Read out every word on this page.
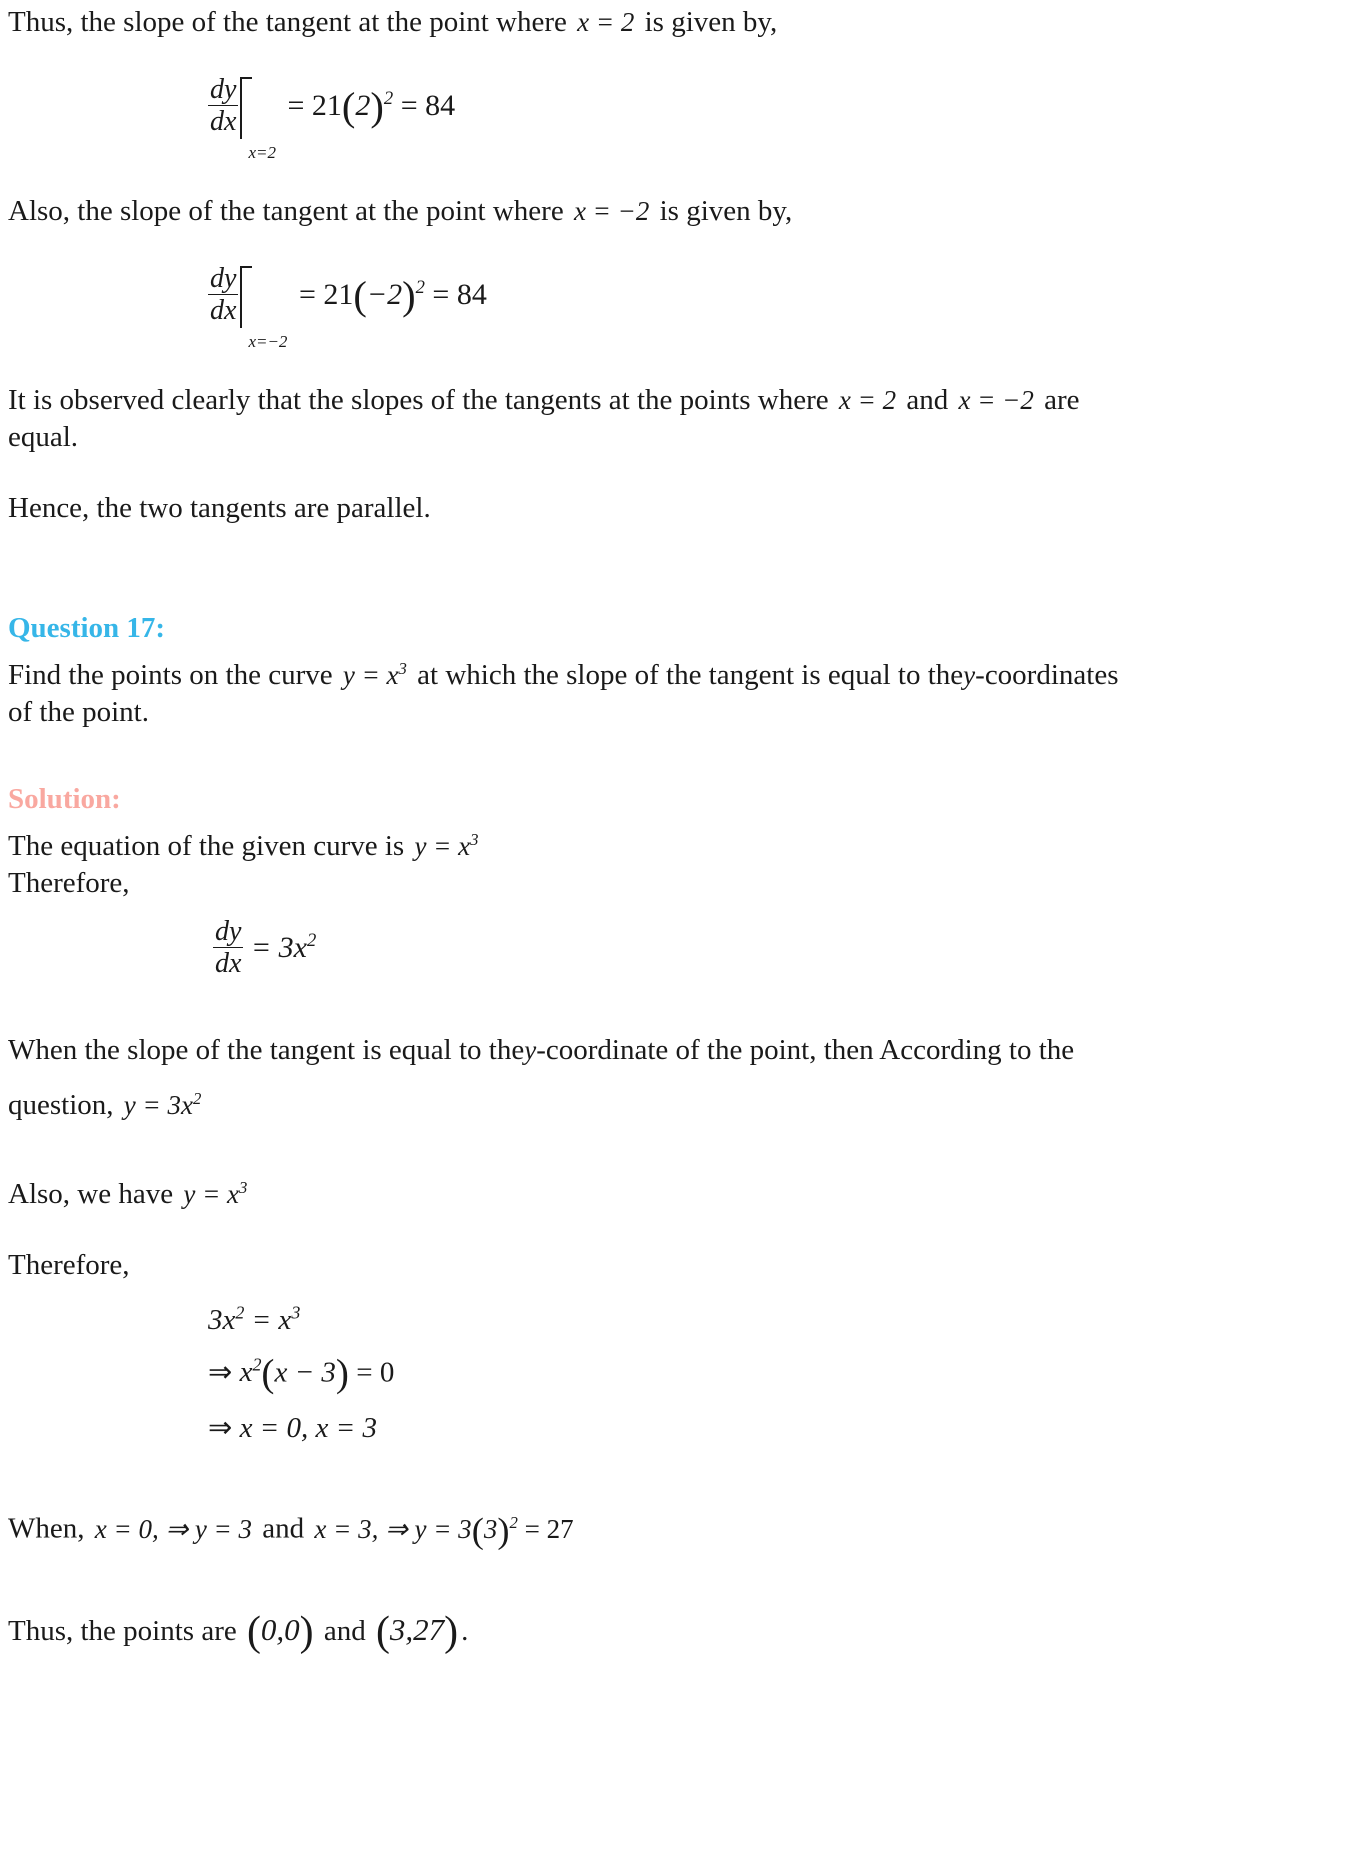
Thus, the slope of the tangent at the point where x = 2 is given by,

$\frac{dy}{dx}$
$x=2 = 21(2)^2 = 84$

Also, the slope of the tangent at the point where x = −2 is given by,

$\frac{dy}{dx}$
$x=-2 = 21(-2)^2 = 84$

It is observed clearly that the slopes of the tangents at the points where x = 2 and x = −2 are

equal.

Hence, the two tangents are parallel.

Question 17:

Find the points on the curve $y = x^3$ at which the slope of the tangent is equal to they-coordinates

of the point.

Solution:

The equation of the given curve is $y = x^3$

Therefore,

$\frac{dy}{dx} = 3x^2$

When the slope of the tangent is equal to they-coordinate of the point, then According to the

question, $y = 3x^2$

Also, we have $y = x^3$

Therefore,

$3x^2 = x^3$
⇒ $x^2(x - 3) = 0$
⇒ x = 0, x = 3

When, x = 0, ⇒ y = 3 and x = 3, ⇒ $y = 3(3)^2 = 27$

Thus, the points are (0,0) and (3,27) .
